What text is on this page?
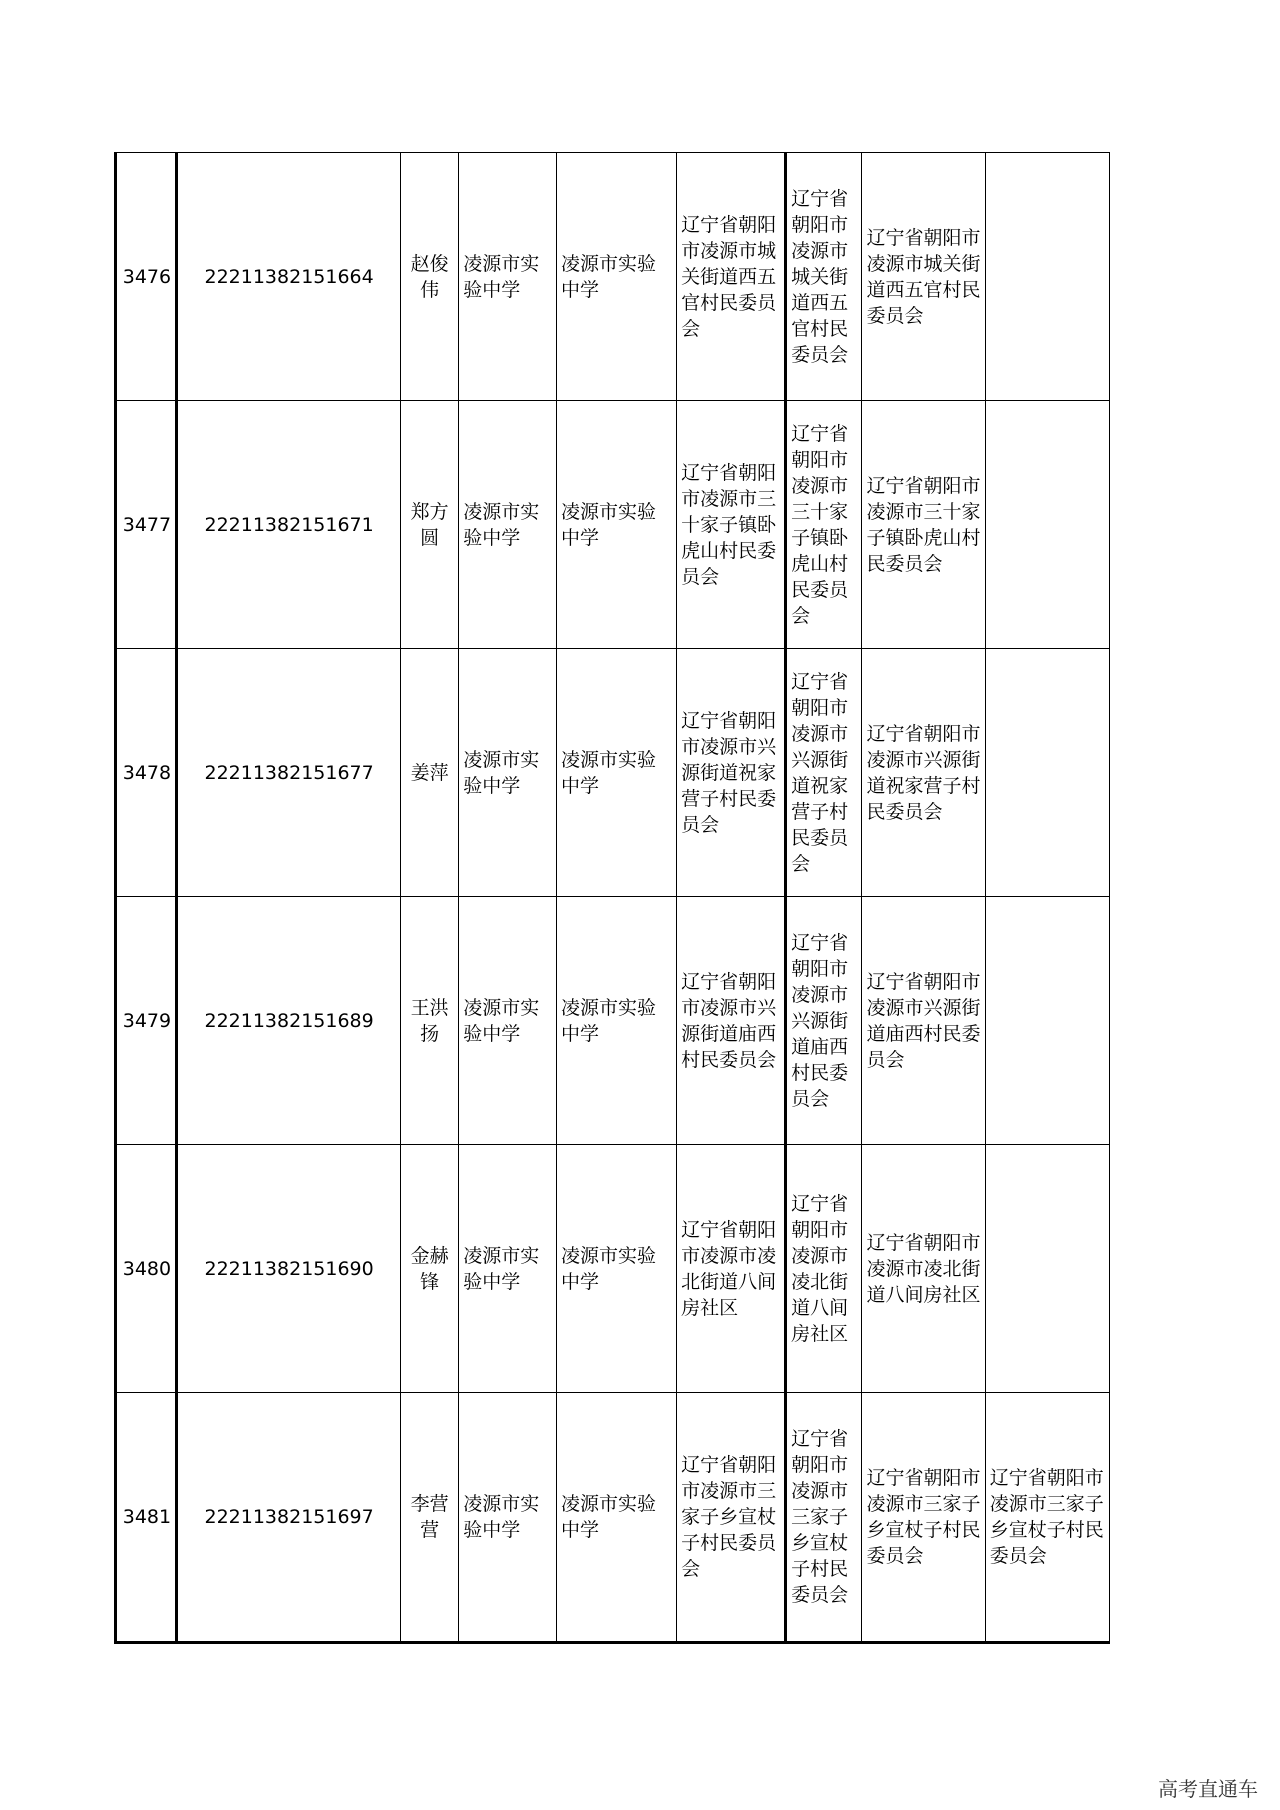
3476	22211382151664	赵俊伟	凌源市实验中学	凌源市实验中学	辽宁省朝阳市凌源市城关街道西五官村民委员会	辽宁省朝阳市凌源市城关街道西五官村民委员会	辽宁省朝阳市凌源市城关街道西五官村民委员会	
3477	22211382151671	郑方圆	凌源市实验中学	凌源市实验中学	辽宁省朝阳市凌源市三十家子镇卧虎山村民委员会	辽宁省朝阳市凌源市三十家子镇卧虎山村民委员会	辽宁省朝阳市凌源市三十家子镇卧虎山村民委员会	
3478	22211382151677	姜萍	凌源市实验中学	凌源市实验中学	辽宁省朝阳市凌源市兴源街道祝家营子村民委员会	辽宁省朝阳市凌源市兴源街道祝家营子村民委员会	辽宁省朝阳市凌源市兴源街道祝家营子村民委员会	
3479	22211382151689	王洪扬	凌源市实验中学	凌源市实验中学	辽宁省朝阳市凌源市兴源街道庙西村民委员会	辽宁省朝阳市凌源市兴源街道庙西村民委员会	辽宁省朝阳市凌源市兴源街道庙西村民委员会	
3480	22211382151690	金赫锋	凌源市实验中学	凌源市实验中学	辽宁省朝阳市凌源市凌北街道八间房社区	辽宁省朝阳市凌源市凌北街道八间房社区	辽宁省朝阳市凌源市凌北街道八间房社区	
3481	22211382151697	李营营	凌源市实验中学	凌源市实验中学	辽宁省朝阳市凌源市三家子乡宣杖子村民委员会	辽宁省朝阳市凌源市三家子乡宣杖子村民委员会	辽宁省朝阳市凌源市三家子乡宣杖子村民委员会	辽宁省朝阳市凌源市三家子乡宣杖子村民委员会
高考直通车
